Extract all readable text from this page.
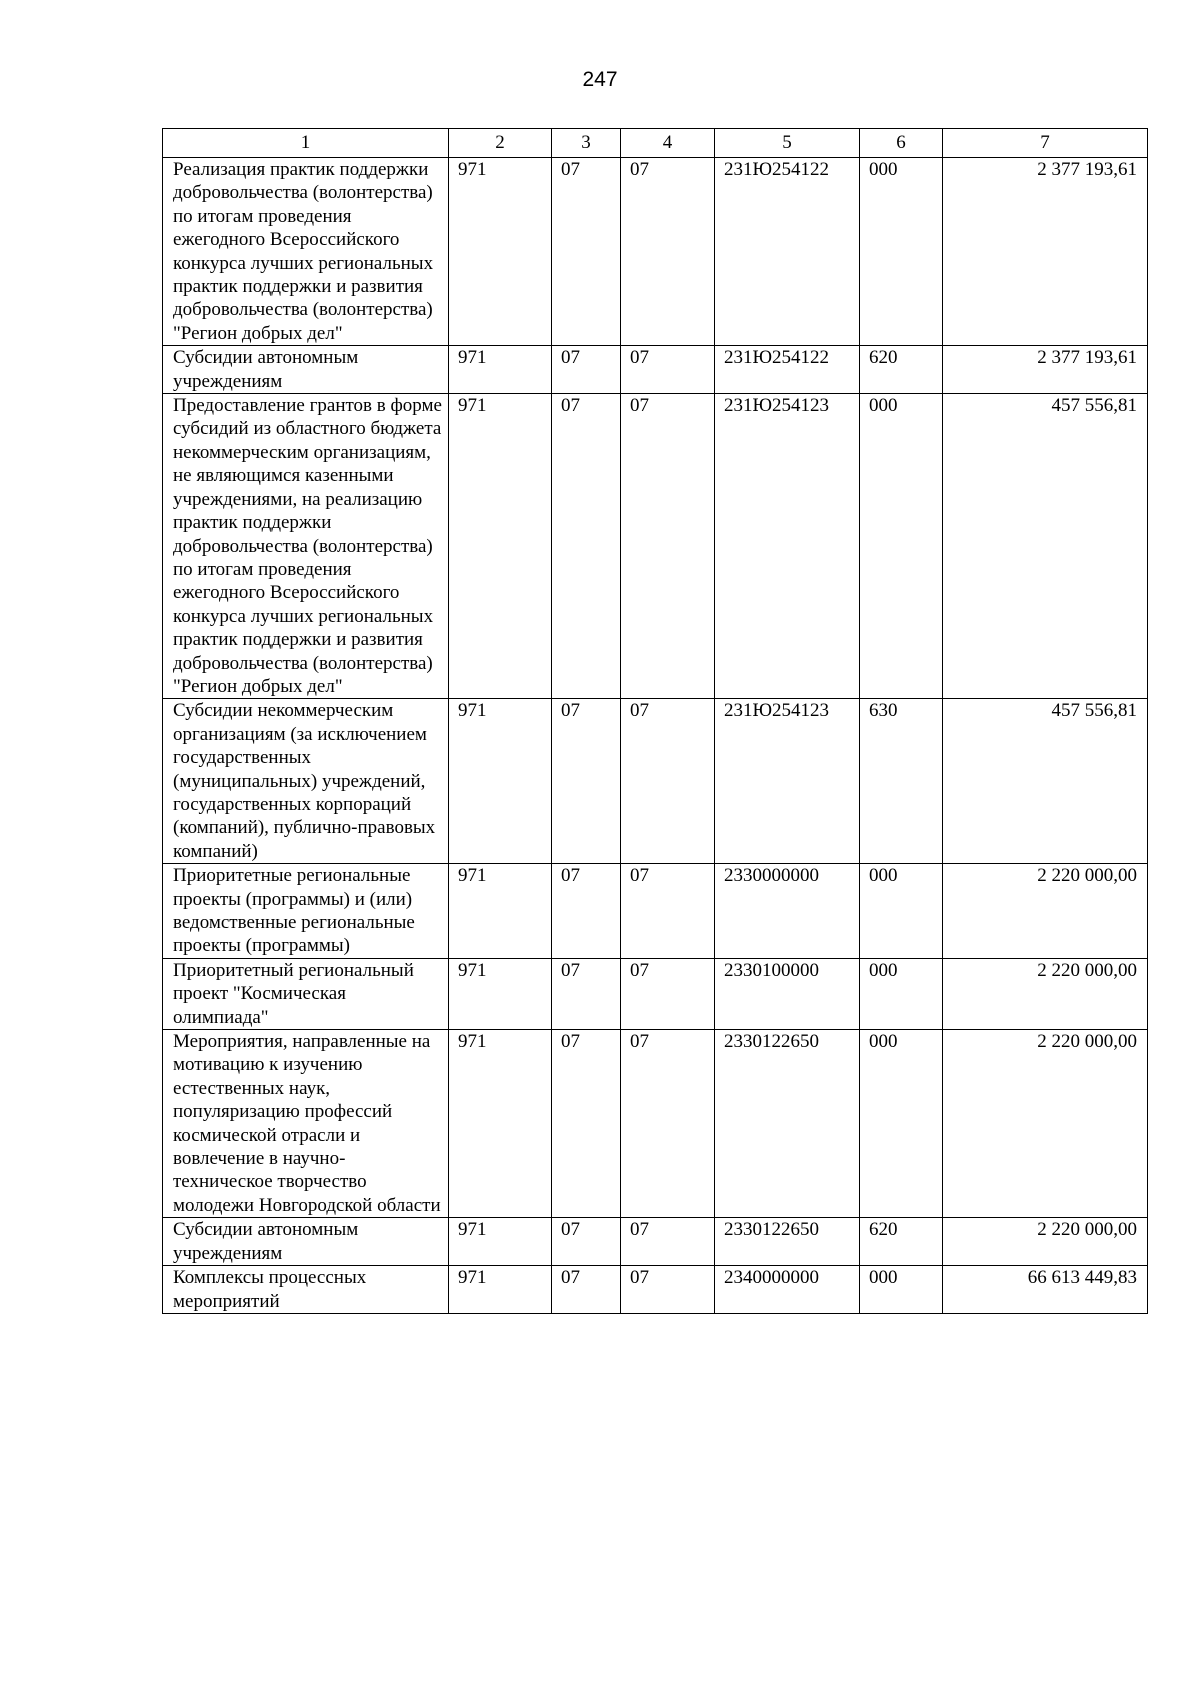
247
1	2	3	4	5	6	7
Реализация практик поддержки добровольчества (волонтерства) по итогам проведения ежегодного Всероссийского конкурса лучших региональных практик поддержки и развития добровольчества (волонтерства) "Регион добрых дел"	971	07	07	231Ю254122	000	2 377 193,61
Субсидии автономным учреждениям	971	07	07	231Ю254122	620	2 377 193,61
Предоставление грантов в форме субсидий из областного бюджета некоммерческим организациям, не являющимся казенными учреждениями, на реализацию практик поддержки добровольчества (волонтерства) по итогам проведения ежегодного Всероссийского конкурса лучших региональных практик поддержки и развития добровольчества (волонтерства) "Регион добрых дел"	971	07	07	231Ю254123	000	457 556,81
Субсидии некоммерческим организациям (за исключением государственных (муниципальных) учреждений, государственных корпораций (компаний), публично-правовых компаний)	971	07	07	231Ю254123	630	457 556,81
Приоритетные региональные проекты (программы) и (или) ведомственные региональные проекты (программы)	971	07	07	2330000000	000	2 220 000,00
Приоритетный региональный проект "Космическая олимпиада"	971	07	07	2330100000	000	2 220 000,00
Мероприятия, направленные на мотивацию к изучению естественных наук, популяризацию профессий космической отрасли и вовлечение в научно-техническое творчество молодежи Новгородской области	971	07	07	2330122650	000	2 220 000,00
Субсидии автономным учреждениям	971	07	07	2330122650	620	2 220 000,00
Комплексы процессных мероприятий	971	07	07	2340000000	000	66 613 449,83
